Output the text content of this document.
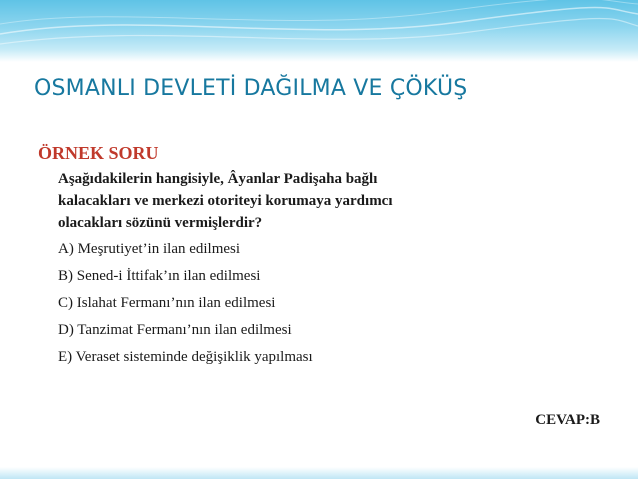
OSMANLI DEVLETİ DAĞILMA VE ÇÖKÜŞ
ÖRNEK SORU
Aşağıdakilerin hangisiyle, Âyanlar Padişaha bağlı
kalacakları ve merkezi otoriteyi korumaya yardımcı
olacakları sözünü vermişlerdir?
A) Meşrutiyet’in ilan edilmesi
B) Sened-i İttifak’ın ilan edilmesi
C) Islahat Fermanı’nın ilan edilmesi
D) Tanzimat Fermanı’nın ilan edilmesi
E) Veraset sisteminde değişiklik yapılması
CEVAP:B
